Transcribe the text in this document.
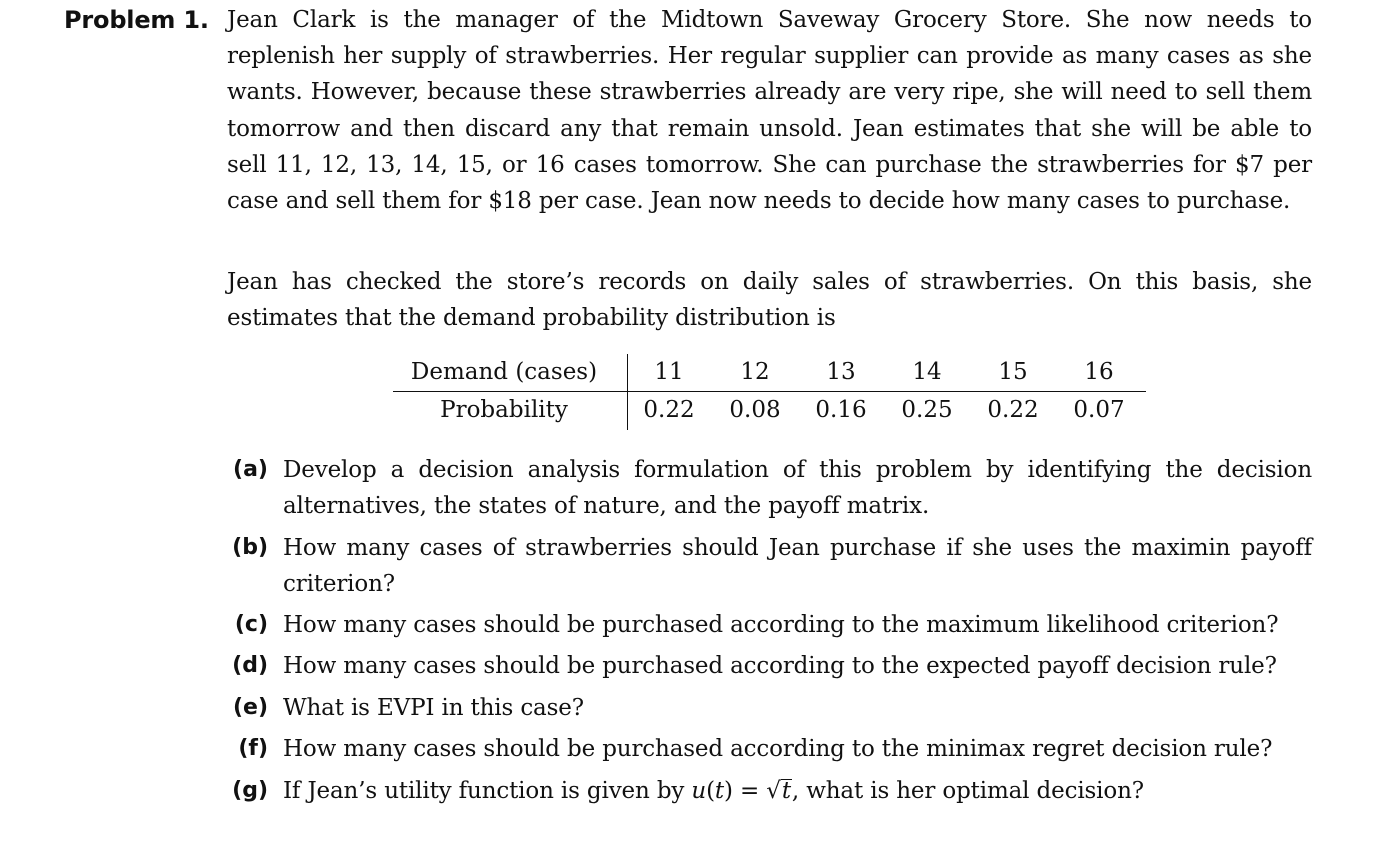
Problem 1. Jean Clark is the manager of the Midtown Saveway Grocery Store. She now needs to replenish her supply of strawberries. Her regular supplier can provide as many cases as she wants. However, because these strawberries already are very ripe, she will need to sell them tomorrow and then discard any that remain unsold. Jean estimates that she will be able to sell 11, 12, 13, 14, 15, or 16 cases tomorrow. She can purchase the strawberries for $7 per case and sell them for $18 per case. Jean now needs to decide how many cases to purchase.

Jean has checked the store’s records on daily sales of strawberries. On this basis, she estimates that the demand probability distribution is

Demand (cases)	11	12	13	14	15	16
Probability	0.22	0.08	0.16	0.25	0.22	0.07
(a) Develop a decision analysis formulation of this problem by identifying the decision alternatives, the states of nature, and the payoff matrix.
(b) How many cases of strawberries should Jean purchase if she uses the maximin payoff criterion?
(c) How many cases should be purchased according to the maximum likelihood criterion?
(d) How many cases should be purchased according to the expected payoff decision rule?
(e) What is EVPI in this case?
(f) How many cases should be purchased according to the minimax regret decision rule?
(g) If Jean’s utility function is given by u(t) = √t, what is her optimal decision?
